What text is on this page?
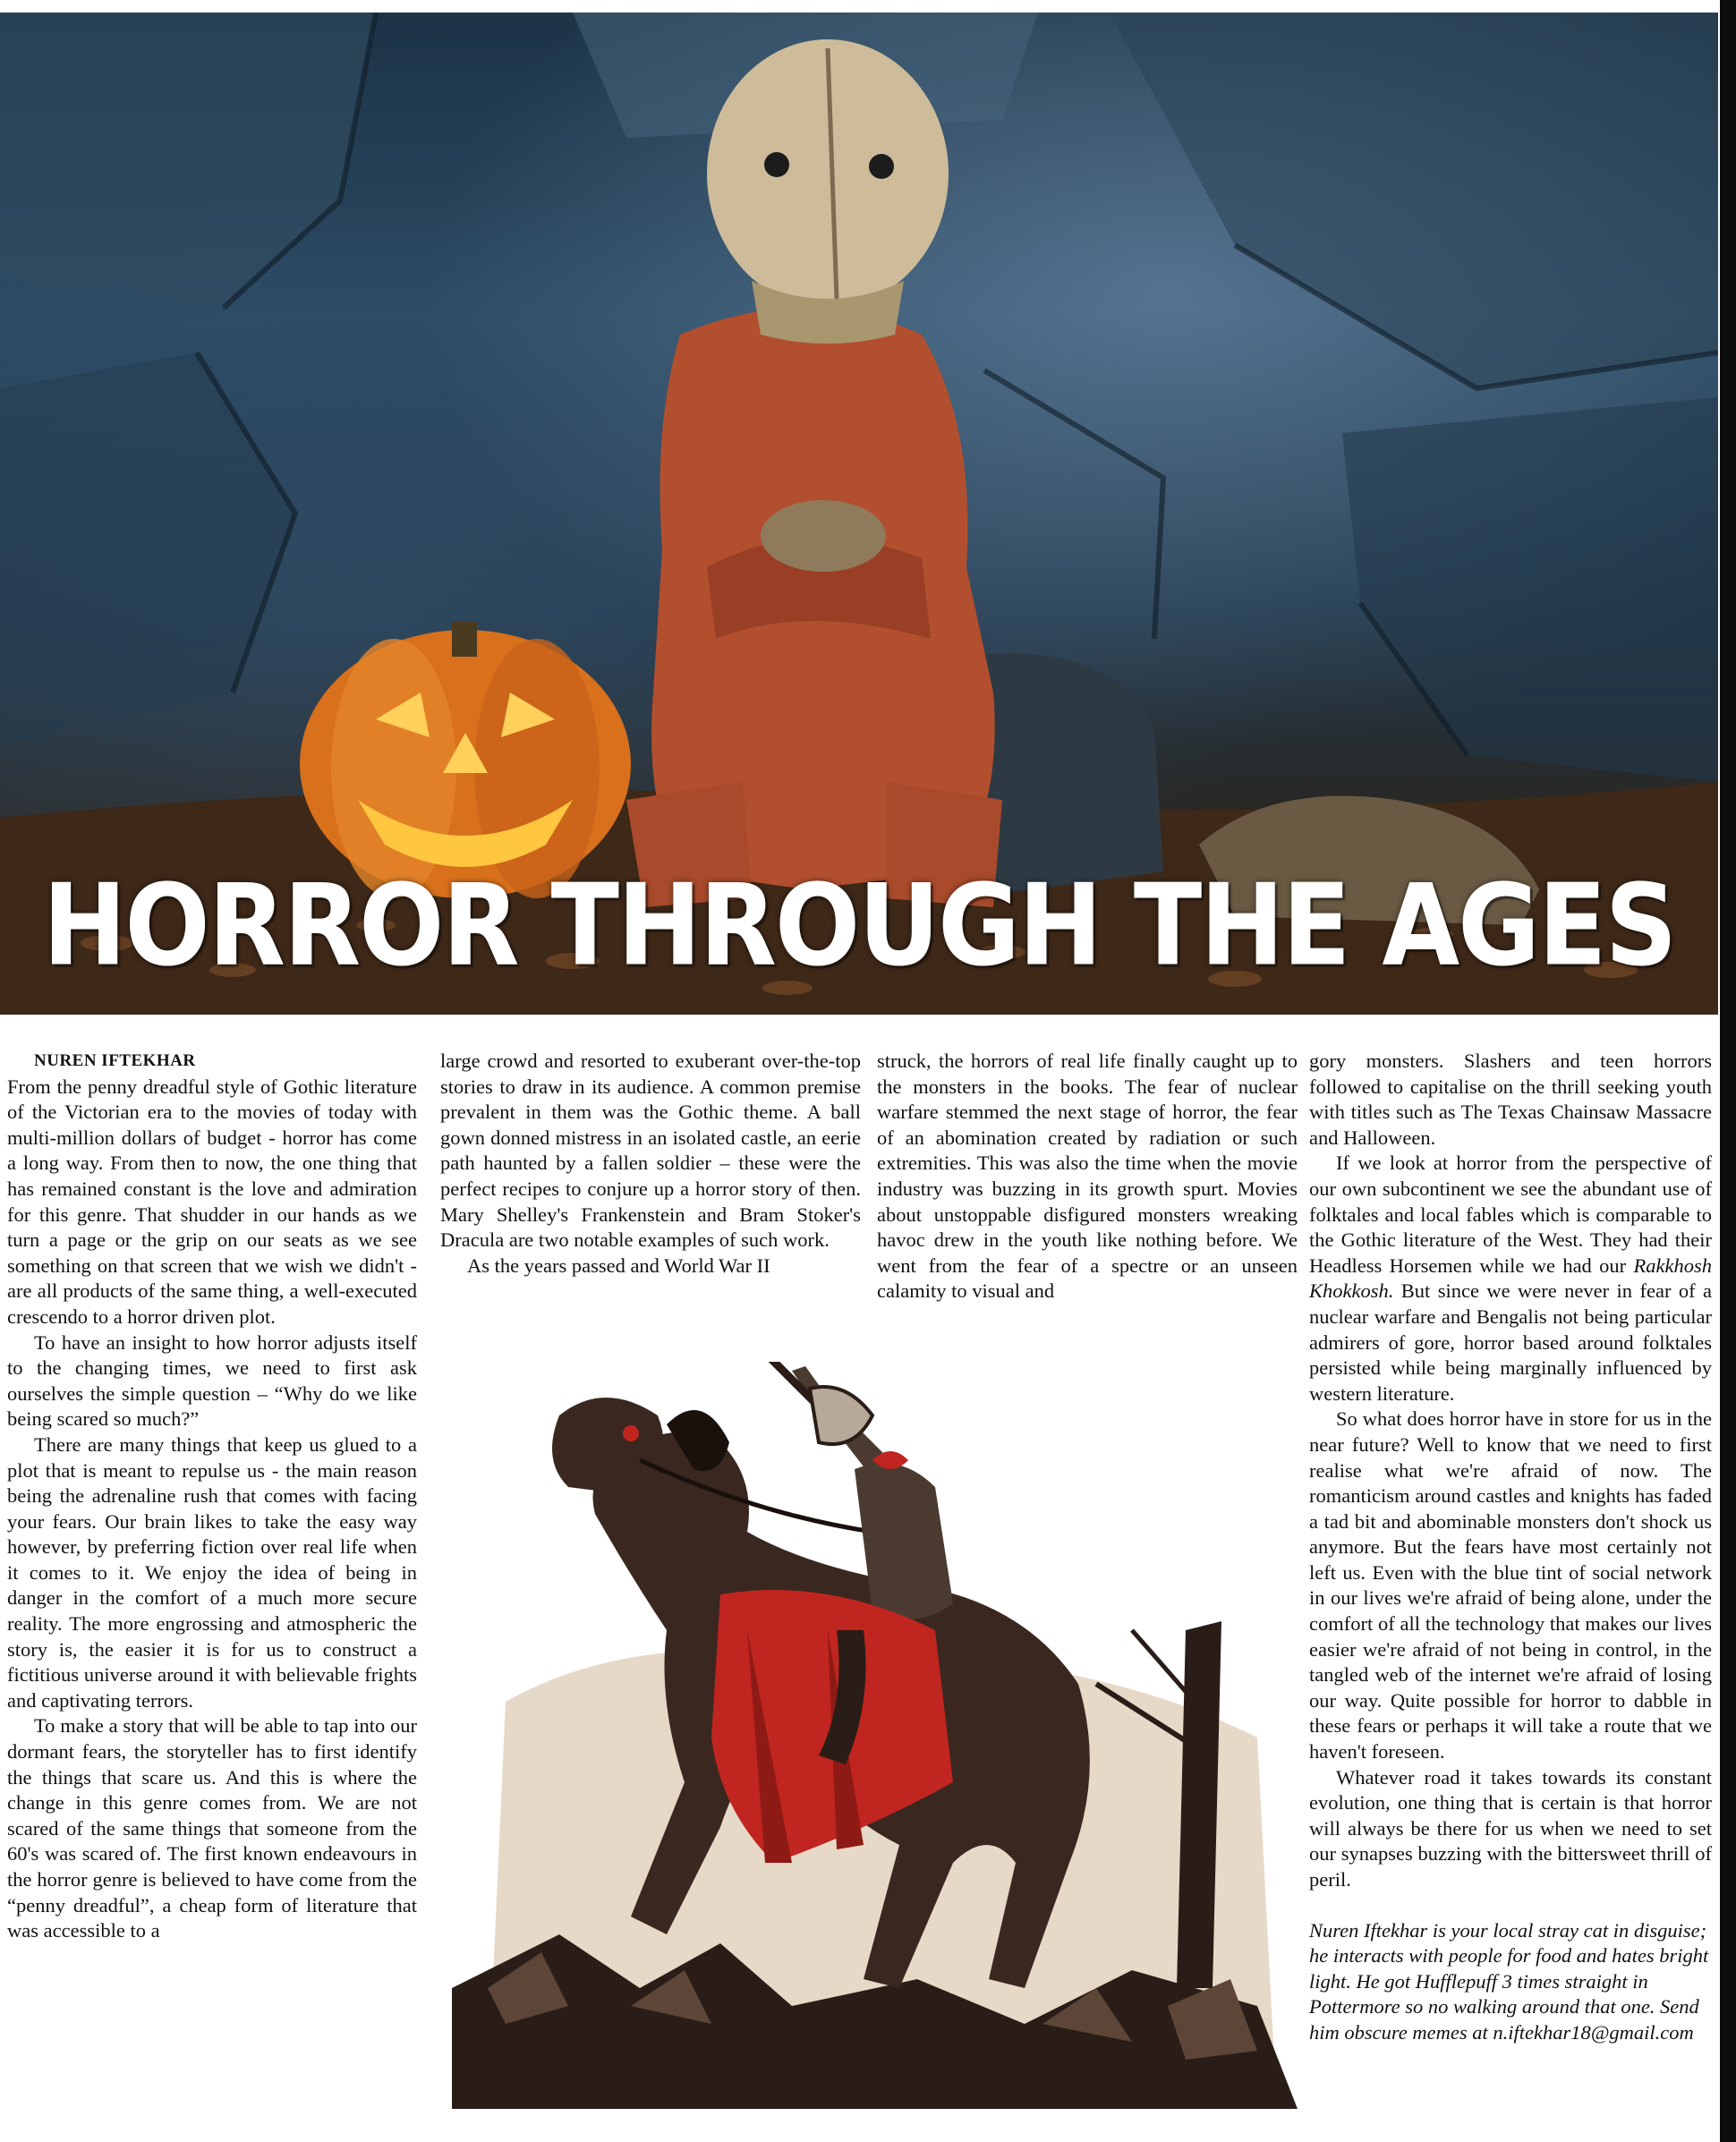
HORROR THROUGH THE AGES

NUREN IFTEKHAR

From the penny dreadful style of Gothic literature of the Victorian era to the movies of today with multi-million dollars of budget - horror has come a long way. From then to now, the one thing that has remained constant is the love and admiration for this genre. That shudder in our hands as we turn a page or the grip on our seats as we see something on that screen that we wish we didn't - are all products of the same thing, a well-executed crescendo to a horror driven plot.

To have an insight to how horror adjusts itself to the changing times, we need to first ask ourselves the simple question – “Why do we like being scared so much?”

There are many things that keep us glued to a plot that is meant to repulse us - the main reason being the adrenaline rush that comes with facing your fears. Our brain likes to take the easy way however, by preferring fiction over real life when it comes to it. We enjoy the idea of being in danger in the comfort of a much more secure reality. The more engrossing and atmospheric the story is, the easier it is for us to construct a fictitious universe around it with believable frights and captivating terrors.

To make a story that will be able to tap into our dormant fears, the storyteller has to first identify the things that scare us. And this is where the change in this genre comes from. We are not scared of the same things that someone from the 60's was scared of. The first known endeavours in the horror genre is believed to have come from the “penny dreadful”, a cheap form of literature that was accessible to a

large crowd and resorted to exuberant over-the-top stories to draw in its audience. A common premise prevalent in them was the Gothic theme. A ball gown donned mistress in an isolated castle, an eerie path haunted by a fallen soldier – these were the perfect recipes to conjure up a horror story of then. Mary Shelley's Frankenstein and Bram Stoker's Dracula are two notable examples of such work.

As the years passed and World War II

struck, the horrors of real life finally caught up to the monsters in the books. The fear of nuclear warfare stemmed the next stage of horror, the fear of an abomination created by radiation or such extremities. This was also the time when the movie industry was buzzing in its growth spurt. Movies about unstoppable disfigured monsters wreaking havoc drew in the youth like nothing before. We went from the fear of a spectre or an unseen calamity to visual and

gory monsters. Slashers and teen horrors followed to capitalise on the thrill seeking youth with titles such as The Texas Chainsaw Massacre and Halloween.

If we look at horror from the perspective of our own subcontinent we see the abundant use of folktales and local fables which is comparable to the Gothic literature of the West. They had their Headless Horsemen while we had our Rakkhosh Khokkosh. But since we were never in fear of a nuclear warfare and Bengalis not being particular admirers of gore, horror based around folktales persisted while being marginally influenced by western literature.

So what does horror have in store for us in the near future? Well to know that we need to first realise what we're afraid of now. The romanticism around castles and knights has faded a tad bit and abominable monsters don't shock us anymore. But the fears have most certainly not left us. Even with the blue tint of social network in our lives we're afraid of being alone, under the comfort of all the technology that makes our lives easier we're afraid of not being in control, in the tangled web of the internet we're afraid of losing our way. Quite possible for horror to dabble in these fears or perhaps it will take a route that we haven't foreseen.

Whatever road it takes towards its constant evolution, one thing that is certain is that horror will always be there for us when we need to set our synapses buzzing with the bittersweet thrill of peril.

Nuren Iftekhar is your local stray cat in disguise; he interacts with people for food and hates bright light. He got Hufflepuff 3 times straight in Pottermore so no walking around that one. Send him obscure memes at n.iftekhar18@gmail.com
